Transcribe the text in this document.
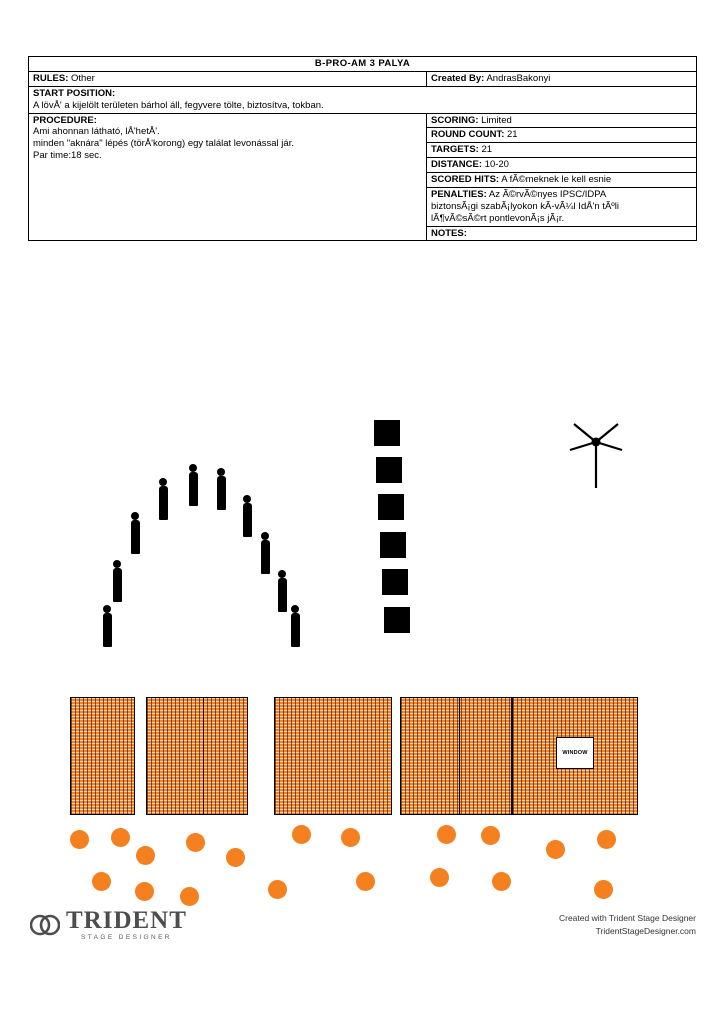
B-PRO-AM 3 PALYA	
RULES: Other	Created By: AndrasBakonyi

START POSITION:
A lövÅ' a kijelölt területen bárhol áll, fegyvere tölte, biztosítva, tokban.	

PROCEDURE:
Ami ahonnan látható, lÅ'hetÅ'.
minden "aknára" lépés (törÅ'korong) egy találat levonással jár.
Par time:18 sec.	SCORING: Limited
	ROUND COUNT: 21
	TARGETS: 21
	DISTANCE: 10-20
	SCORED HITS: A fÃ©meknek le kell esnie

	PENALTIES: Az Ã©rvÃ©nyes IPSC/IDPA
biztonsÃ¡gi szabÃ¡lyokon kÃ-vÃ¼l IdÅ'n tÃºli
lÃ¶vÃ©sÃ©rt pontlevonÃ¡s jÃ¡r.

	NOTES:
WINDOW
TRIDENT
STAGE DESIGNER
Created with Trident Stage Designer
TridentStageDesigner.com
